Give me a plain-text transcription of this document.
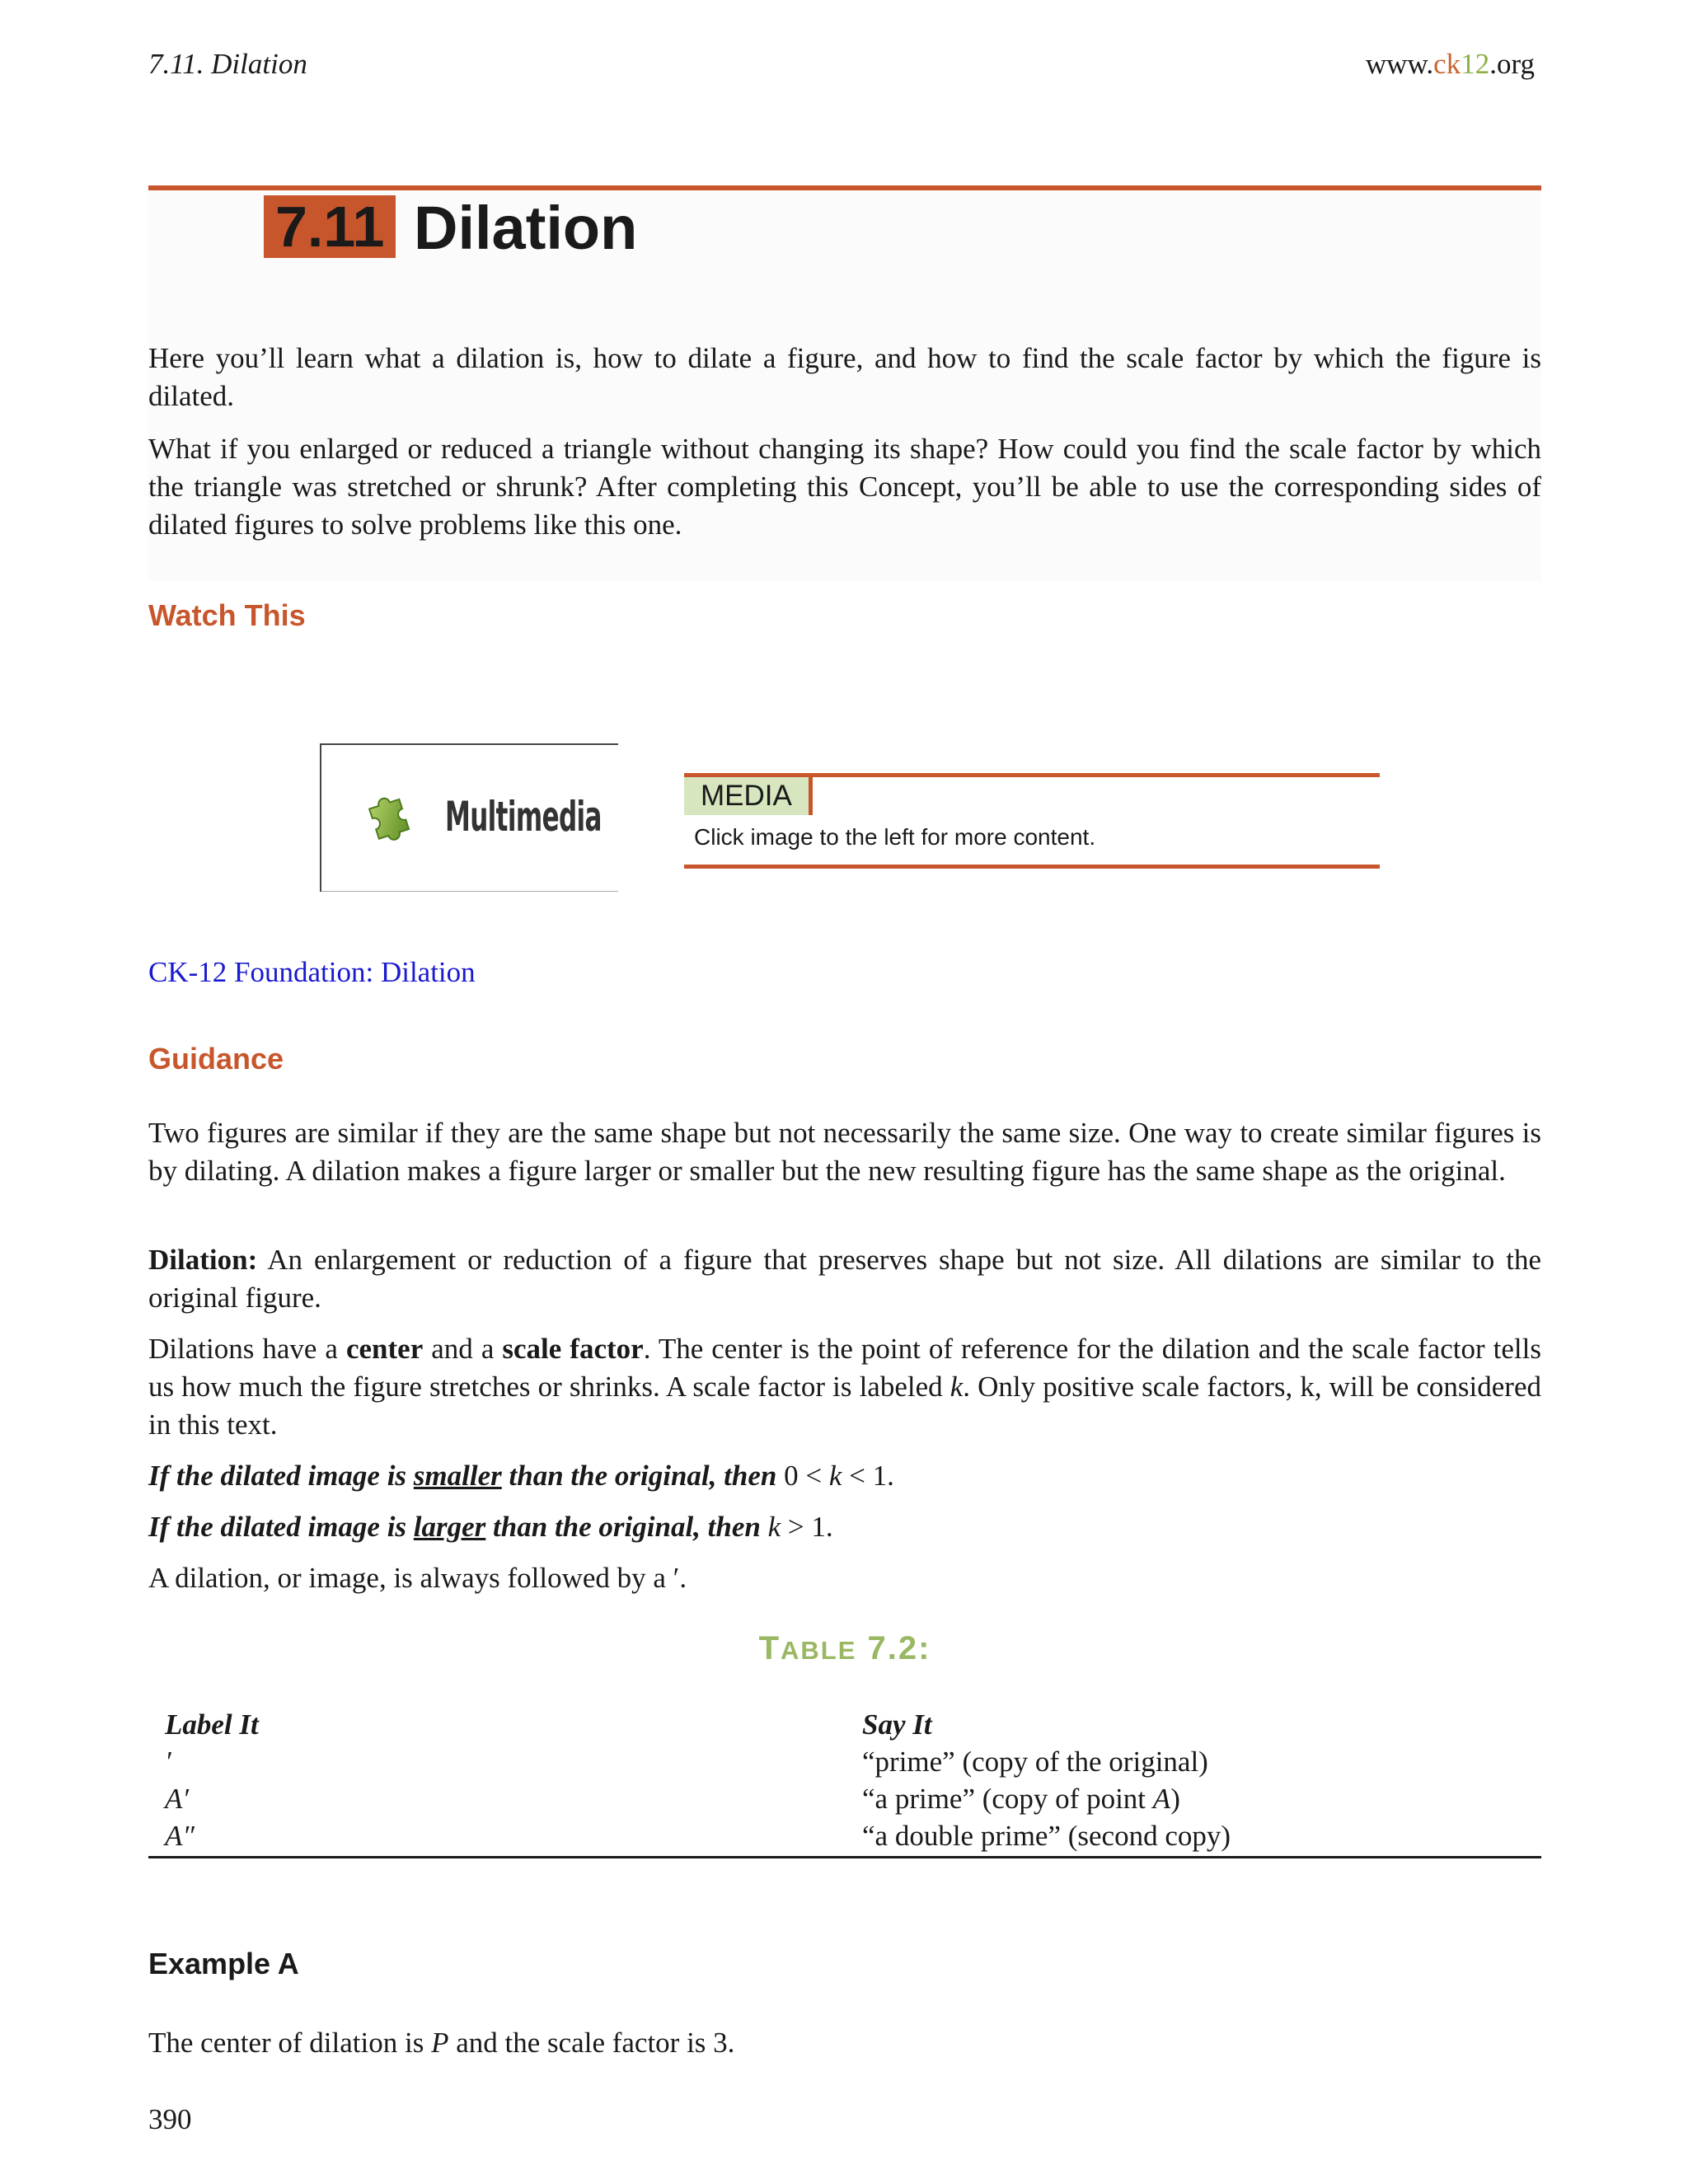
7.11. Dilation	www.ck12.org
7.11 Dilation

Here you’ll learn what a dilation is, how to dilate a figure, and how to find the scale factor by which the figure is dilated.

What if you enlarged or reduced a triangle without changing its shape? How could you find the scale factor by which the triangle was stretched or shrunk? After completing this Concept, you’ll be able to use the corresponding sides of dilated figures to solve problems like this one.

Watch This
Multimedia	MEDIA
Click image to the left for more content.
CK-12 Foundation: Dilation
Guidance

Two figures are similar if they are the same shape but not necessarily the same size. One way to create similar figures is by dilating. A dilation makes a figure larger or smaller but the new resulting figure has the same shape as the original.

Dilation: An enlargement or reduction of a figure that preserves shape but not size. All dilations are similar to the original figure.

Dilations have a center and a scale factor. The center is the point of reference for the dilation and the scale factor tells us how much the figure stretches or shrinks. A scale factor is labeled k. Only positive scale factors, k, will be considered in this text.

If the dilated image is smaller than the original, then 0 < k < 1.

If the dilated image is larger than the original, then k > 1.

A dilation, or image, is always followed by a ′.

TABLE 7.2:
Label It
′
A′
A″
Say It
“prime” (copy of the original)
“a prime” (copy of point A)
“a double prime” (second copy)
Example A

The center of dilation is P and the scale factor is 3.

390
